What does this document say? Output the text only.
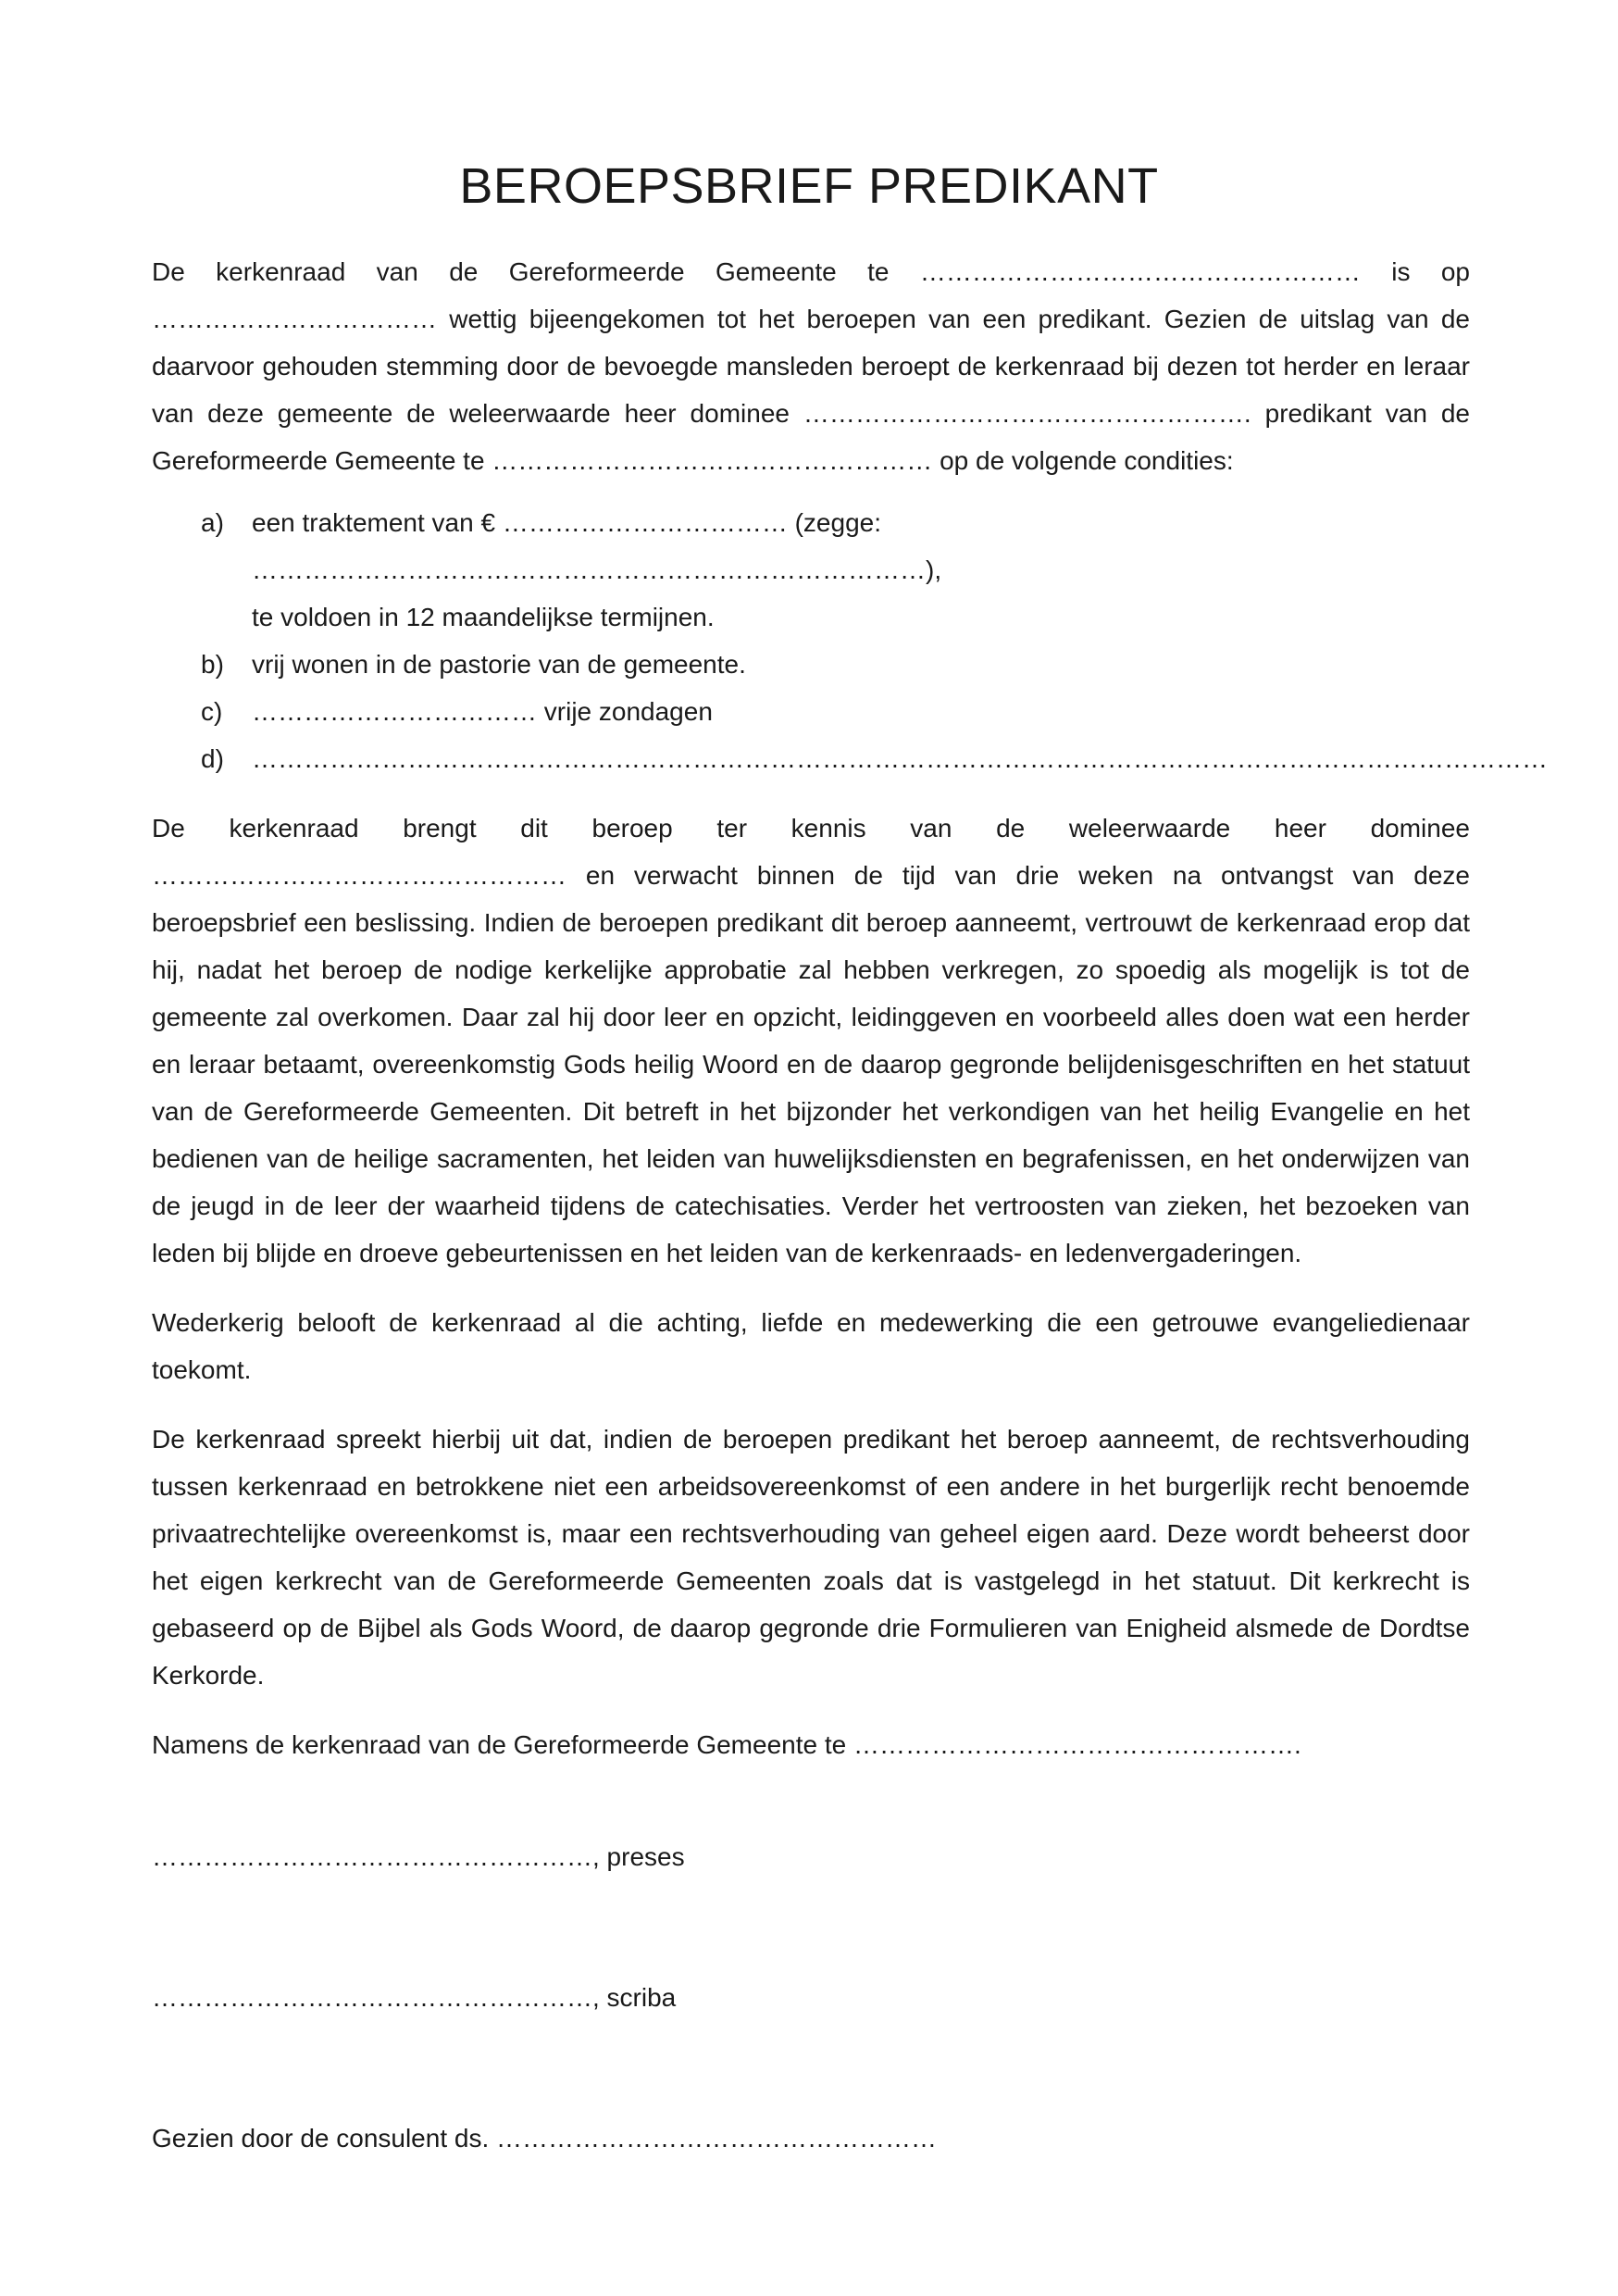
BEROEPSBRIEF PREDIKANT

De kerkenraad van de Gereformeerde Gemeente te …………………………………………… is op …………………………… wettig bijeengekomen tot het beroepen van een predikant. Gezien de uitslag van de daarvoor gehouden stemming door de bevoegde mansleden beroept de kerkenraad bij dezen tot herder en leraar van deze gemeente de weleerwaarde heer dominee ……………………………………………. predikant van de Gereformeerde Gemeente te …………………………………………… op de volgende condities:

a) een traktement van € …………………………… (zegge: ……………………………………………………………………),
te voldoen in 12 maandelijkse termijnen.
b) vrij wonen in de pastorie van de gemeente.
c) …………………………… vrije zondagen
d) ……………………………………………………………………………………………………………………………………

De kerkenraad brengt dit beroep ter kennis van de weleerwaarde heer dominee ………………………………………… en verwacht binnen de tijd van drie weken na ontvangst van deze beroepsbrief een beslissing. Indien de beroepen predikant dit beroep aanneemt, vertrouwt de kerkenraad erop dat hij, nadat het beroep de nodige kerkelijke approbatie zal hebben verkregen, zo spoedig als mogelijk is tot de gemeente zal overkomen. Daar zal hij door leer en opzicht, leidinggeven en voorbeeld alles doen wat een herder en leraar betaamt, overeenkomstig Gods heilig Woord en de daarop gegronde belijdenisgeschriften en het statuut van de Gereformeerde Gemeenten. Dit betreft in het bijzonder het verkondigen van het heilig Evangelie en het bedienen van de heilige sacramenten, het leiden van huwelijksdiensten en begrafenissen, en het onderwijzen van de jeugd in de leer der waarheid tijdens de catechisaties. Verder het vertroosten van zieken, het bezoeken van leden bij blijde en droeve gebeurtenissen en het leiden van de kerkenraads- en ledenvergaderingen.

Wederkerig belooft de kerkenraad al die achting, liefde en medewerking die een getrouwe evangeliedienaar toekomt.

De kerkenraad spreekt hierbij uit dat, indien de beroepen predikant het beroep aanneemt, de rechtsverhouding tussen kerkenraad en betrokkene niet een arbeidsovereenkomst of een andere in het burgerlijk recht benoemde privaatrechtelijke overeenkomst is, maar een rechtsverhouding van geheel eigen aard. Deze wordt beheerst door het eigen kerkrecht van de Gereformeerde Gemeenten zoals dat is vastgelegd in het statuut. Dit kerkrecht is gebaseerd op de Bijbel als Gods Woord, de daarop gegronde drie Formulieren van Enigheid alsmede de Dordtse Kerkorde.

Namens de kerkenraad van de Gereformeerde Gemeente te …………………………………………….

……………………………………………, preses

……………………………………………, scriba

Gezien door de consulent ds. ……………………………………………
